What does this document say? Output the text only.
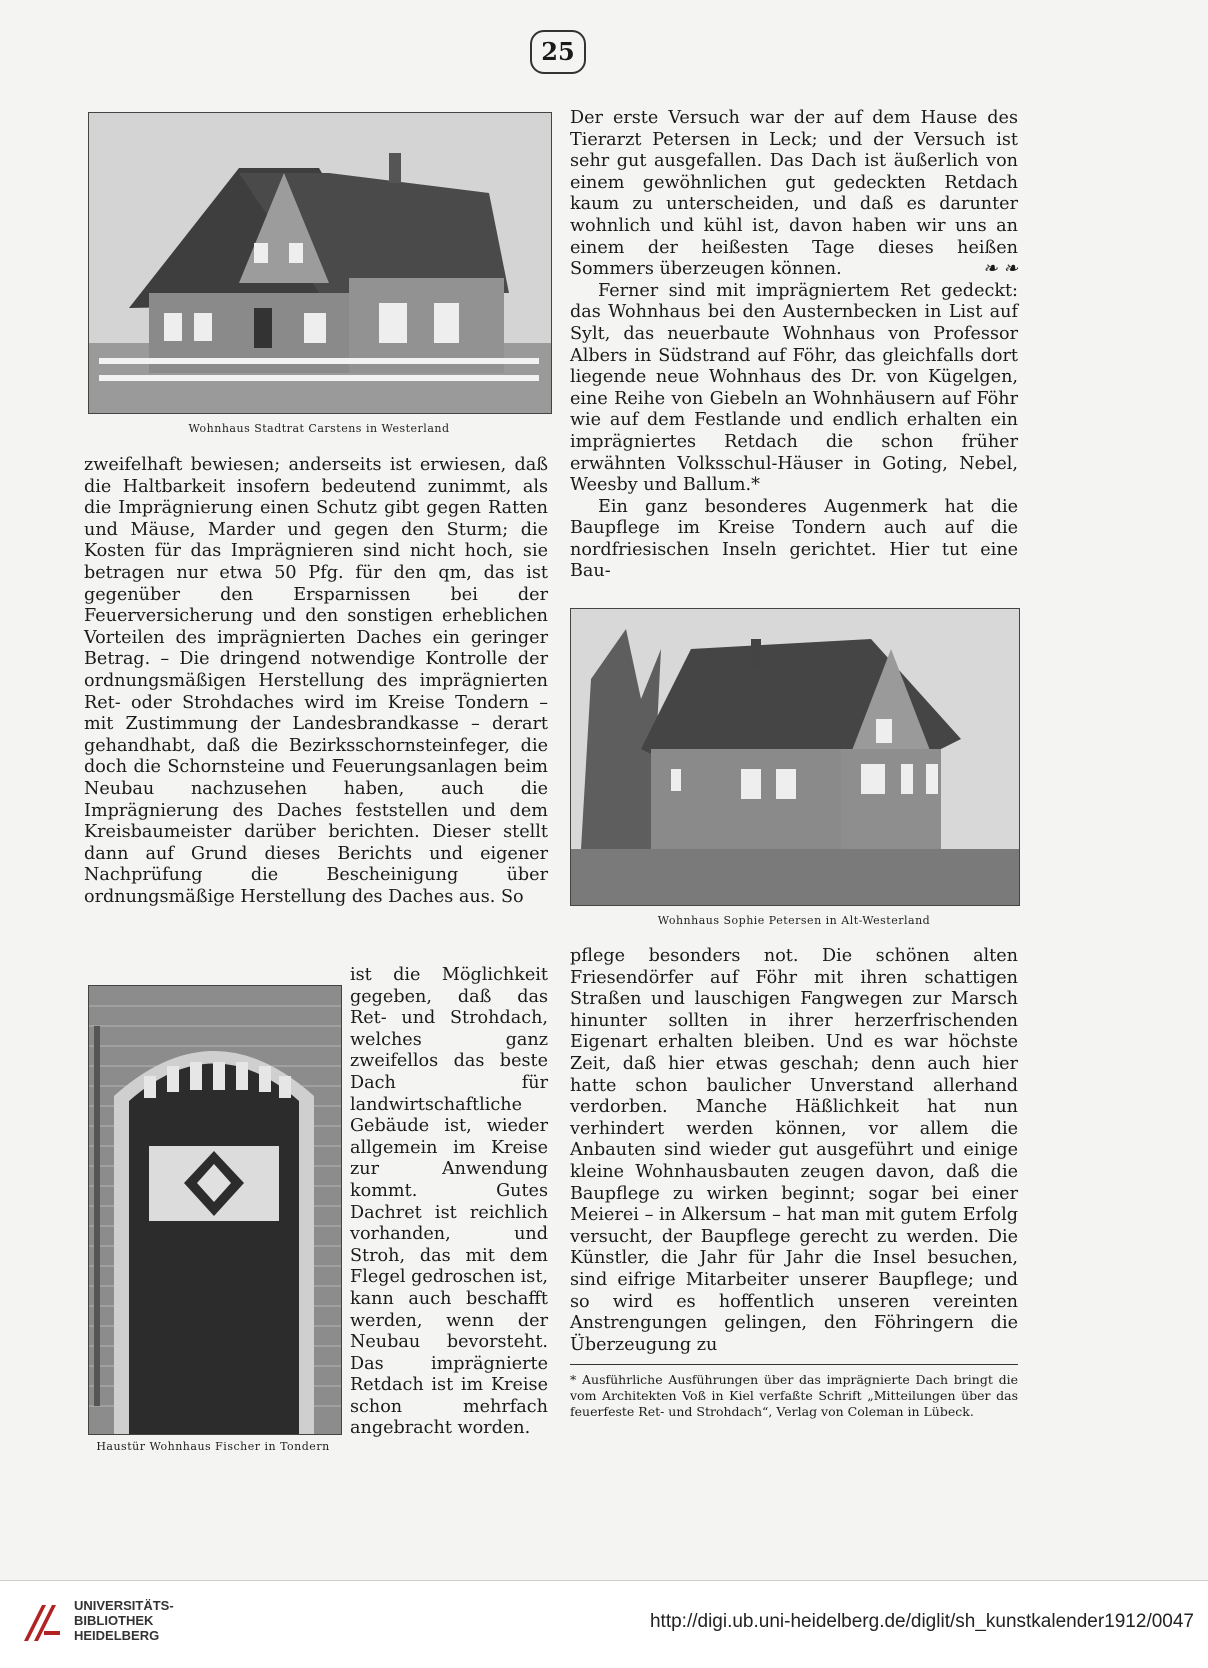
25
Wohnhaus Stadtrat Carstens in Westerland

Der erste Versuch war der auf dem Hause des Tierarzt Petersen in Leck; und der Versuch ist sehr gut ausgefallen. Das Dach ist äußerlich von einem gewöhnlichen gut gedeckten Retdach kaum zu unterscheiden, und daß es darunter wohnlich und kühl ist, davon haben wir uns an einem der heißesten Tage dieses heißen Sommers überzeugen können.	❧ ❧

Ferner sind mit imprägniertem Ret gedeckt: das Wohnhaus bei den Austernbecken in List auf Sylt, das neuerbaute Wohnhaus von Professor Albers in Südstrand auf Föhr, das gleichfalls dort liegende neue Wohnhaus des Dr. von Kügelgen, eine Reihe von Giebeln an Wohnhäusern auf Föhr wie auf dem Festlande und endlich erhalten ein imprägniertes Retdach die schon früher erwähnten Volksschul-Häuser in Goting, Nebel, Weesby und Ballum.*

Ein ganz besonderes Augenmerk hat die Baupflege im Kreise Tondern auch auf die nordfriesischen Inseln gerichtet. Hier tut eine Bau-

zweifelhaft bewiesen; anderseits ist erwiesen, daß die Haltbarkeit insofern bedeutend zunimmt, als die Imprägnierung einen Schutz gibt gegen Ratten und Mäuse, Marder und gegen den Sturm; die Kosten für das Imprägnieren sind nicht hoch, sie betragen nur etwa 50 Pfg. für den qm, das ist gegenüber den Ersparnissen bei der Feuerversicherung und den sonstigen erheblichen Vorteilen des imprägnierten Daches ein geringer Betrag. – Die dringend notwendige Kontrolle der ordnungsmäßigen Herstellung des imprägnierten Ret- oder Strohdaches wird im Kreise Tondern – mit Zustimmung der Landesbrandkasse – derart gehandhabt, daß die Bezirksschornsteinfeger, die doch die Schornsteine und Feuerungsanlagen beim Neubau nachzusehen haben, auch die Imprägnierung des Daches feststellen und dem Kreisbaumeister darüber berichten. Dieser stellt dann auf Grund dieses Berichts und eigener Nachprüfung die Bescheinigung über ordnungsmäßige Herstellung des Daches aus. So

Wohnhaus Sophie Petersen in Alt-Westerland
Haustür Wohnhaus Fischer in Tondern

ist die Möglichkeit gegeben, daß das Ret- und Strohdach, welches ganz zweifellos das beste Dach für landwirtschaftliche Gebäude ist, wieder allgemein im Kreise zur Anwendung kommt. Gutes Dachret ist reichlich vorhanden, und Stroh, das mit dem Flegel gedroschen ist, kann auch beschafft werden, wenn der Neubau bevorsteht. Das imprägnierte Retdach ist im Kreise schon mehrfach angebracht worden.

pflege besonders not. Die schönen alten Friesendörfer auf Föhr mit ihren schattigen Straßen und lauschigen Fangwegen zur Marsch hinunter sollten in ihrer herzerfrischenden Eigenart erhalten bleiben. Und es war höchste Zeit, daß hier etwas geschah; denn auch hier hatte schon baulicher Unverstand allerhand verdorben. Manche Häßlichkeit hat nun verhindert werden können, vor allem die Anbauten sind wieder gut ausgeführt und einige kleine Wohnhausbauten zeugen davon, daß die Baupflege zu wirken beginnt; sogar bei einer Meierei – in Alkersum – hat man mit gutem Erfolg versucht, der Baupflege gerecht zu werden. Die Künstler, die Jahr für Jahr die Insel besuchen, sind eifrige Mitarbeiter unserer Baupflege; und so wird es hoffentlich unseren vereinten Anstrengungen gelingen, den Föhringern die Überzeugung zu

* Ausführliche Ausführungen über das imprägnierte Dach bringt die vom Architekten Voß in Kiel verfaßte Schrift „Mitteilungen über das feuerfeste Ret- und Strohdach“, Verlag von Coleman in Lübeck.
UNIVERSITÄTS-
BIBLIOTHEK
HEIDELBERG
http://digi.ub.uni-heidelberg.de/diglit/sh_kunstkalender1912/0047
